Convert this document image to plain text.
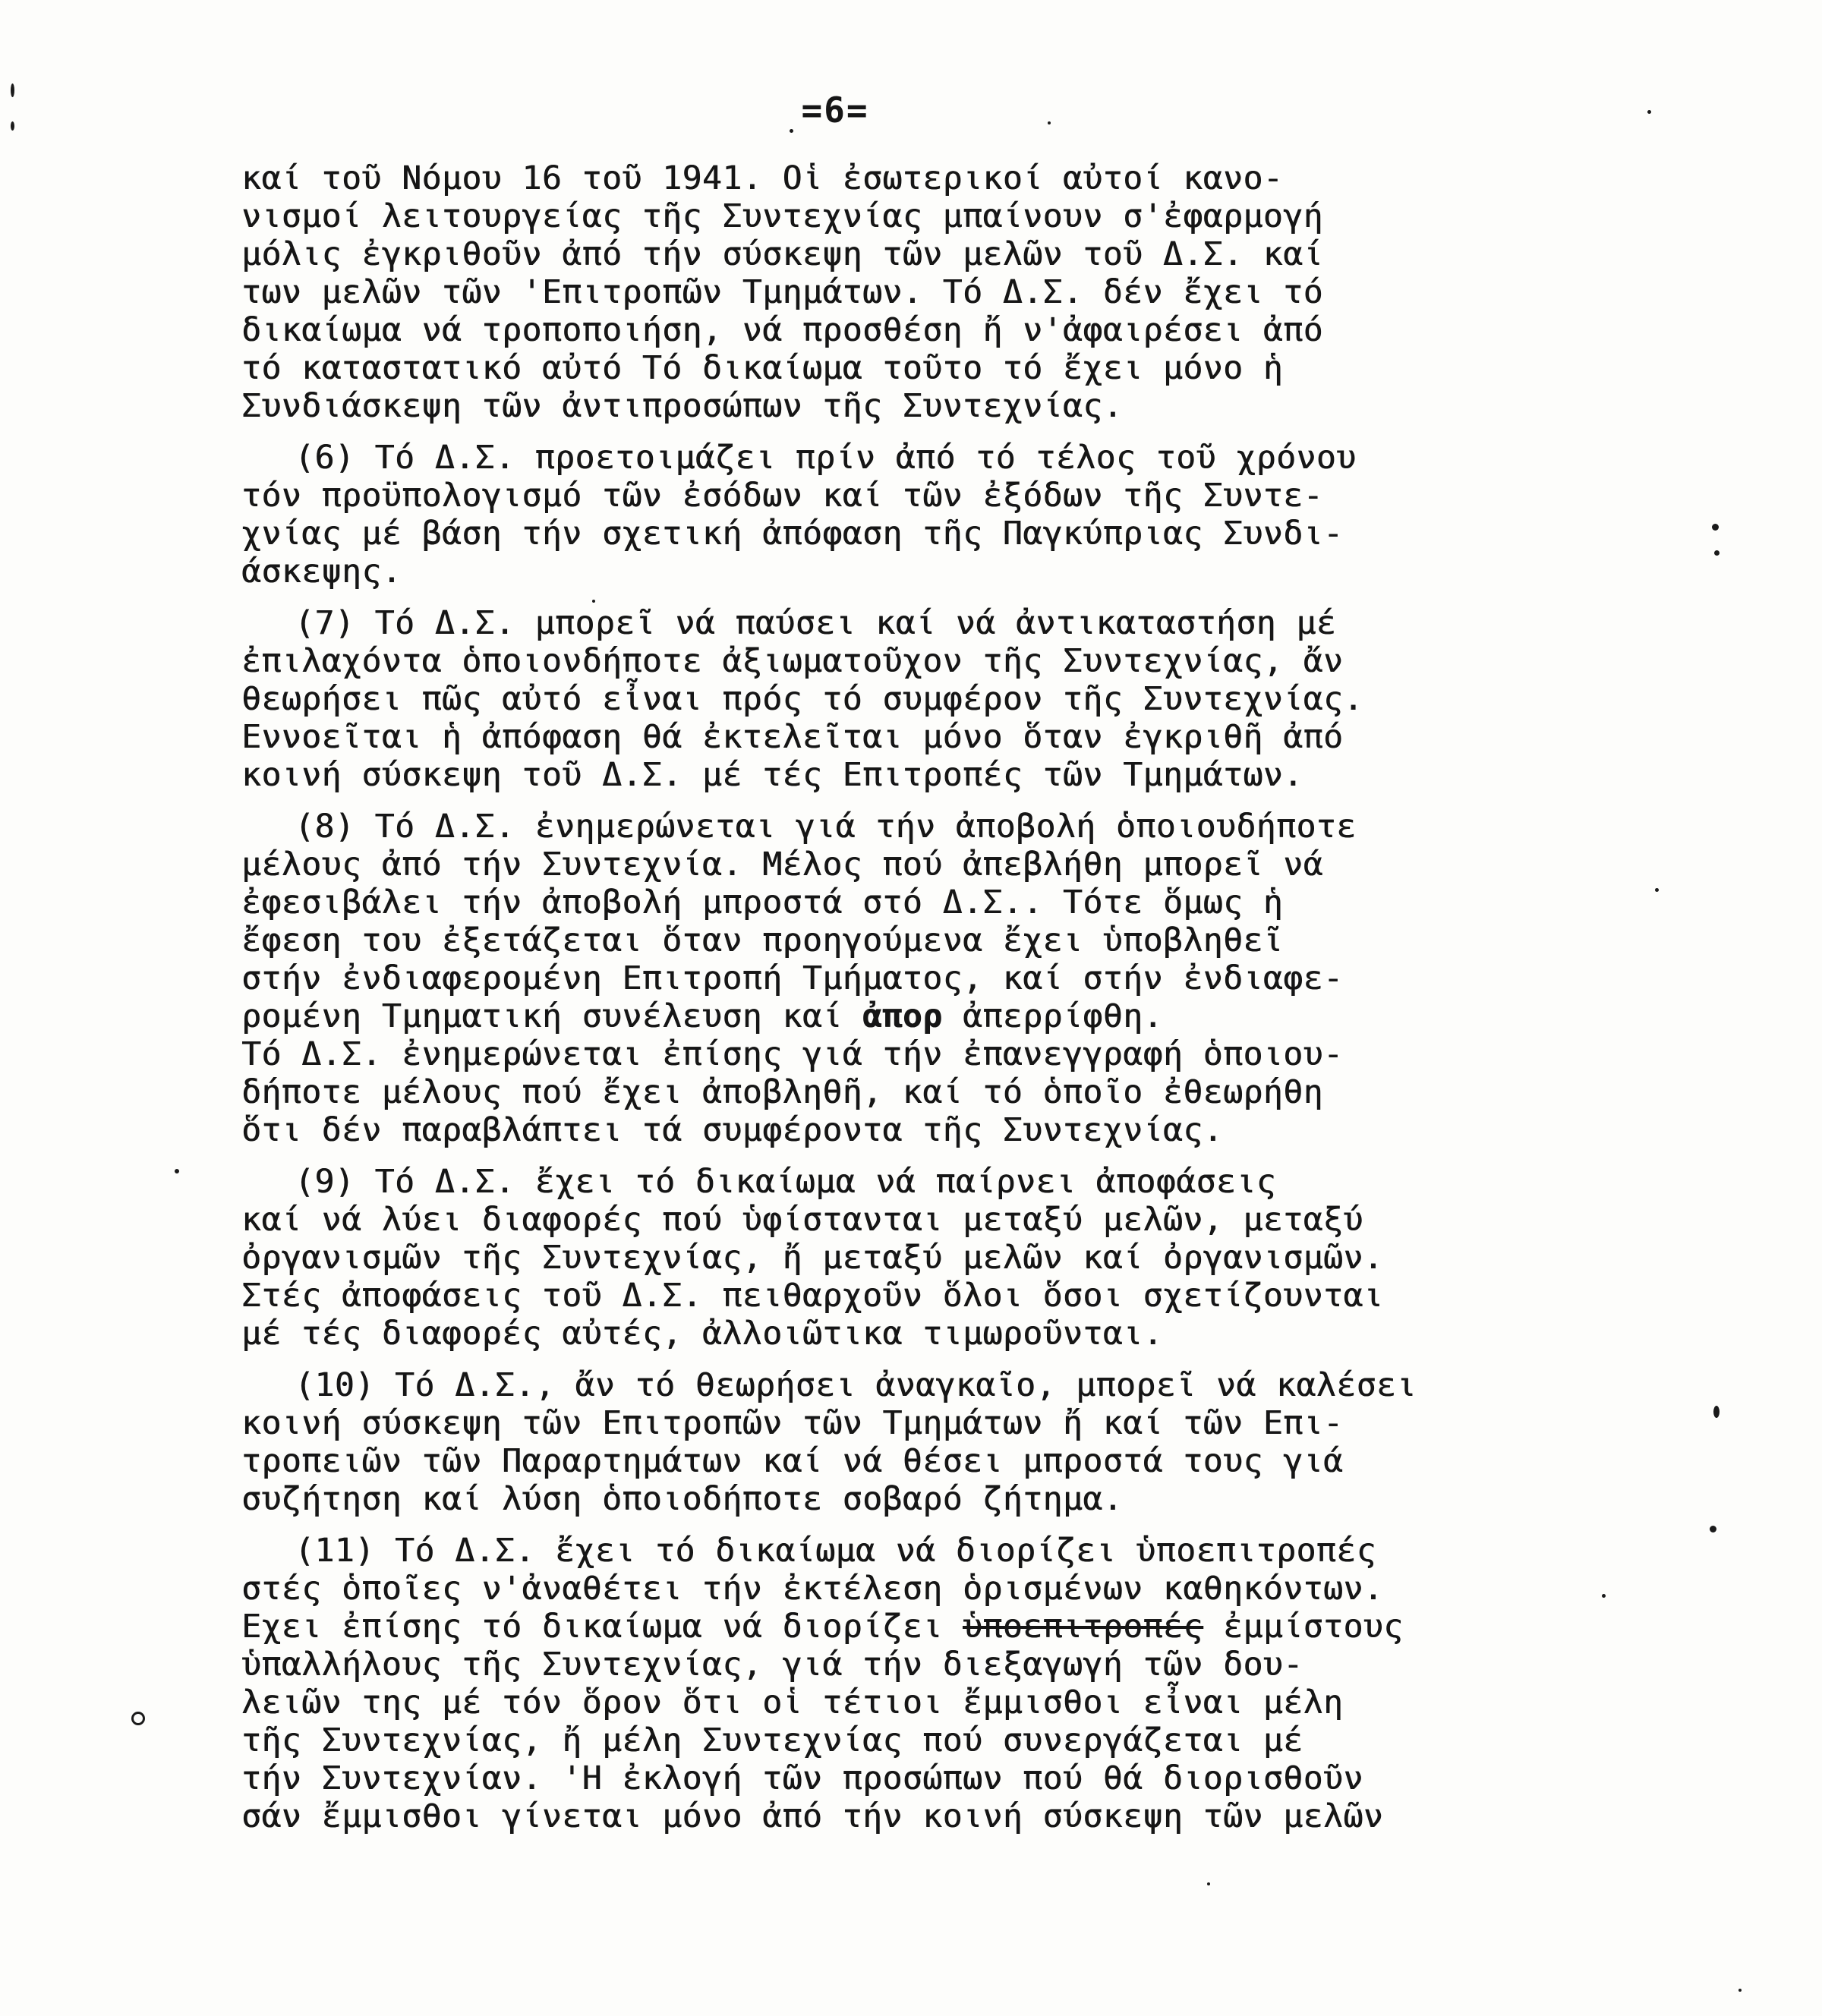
=6=
καί τοῦ Νόμου 16 τοῦ 1941. Οἱ ἐσωτερικοί αὐτοί κανο-
νισμοί λειτουργείας τῆς Συντεχνίας μπαίνουν σ'ἐφαρμογή
μόλις ἐγκριθοῦν ἀπό τήν σύσκεψη τῶν μελῶν τοῦ Δ.Σ. καί
των μελῶν τῶν 'Επιτροπῶν Τμημάτων. Τό Δ.Σ. δέν ἔχει τό
δικαίωμα νά τροποποιήση, νά προσθέση ἤ ν'ἀφαιρέσει ἀπό
τό καταστατικό αὐτό Τό δικαίωμα τοῦτο τό ἔχει μόνο ἡ
Συνδιάσκεψη τῶν ἀντιπροσώπων τῆς Συντεχνίας.
(6) Τό Δ.Σ. προετοιμάζει πρίν ἀπό τό τέλος τοῦ χρόνου
τόν προϋπολογισμό τῶν ἐσόδων καί τῶν ἐξόδων τῆς Συντε-
χνίας μέ βάση τήν σχετική ἀπόφαση τῆς Παγκύπριας Συνδι-
άσκεψης.
(7) Τό Δ.Σ. μπορεῖ νά παύσει καί νά ἀντικαταστήση μέ
ἐπιλαχόντα ὁποιονδήποτε ἀξιωματοῦχον τῆς Συντεχνίας, ἄν
θεωρήσει πῶς αὐτό εἶναι πρός τό συμφέρον τῆς Συντεχνίας.
Εννοεῖται ἡ ἀπόφαση θά ἐκτελεῖται μόνο ὅταν ἐγκριθῆ ἀπό
κοινή σύσκεψη τοῦ Δ.Σ. μέ τές Επιτροπές τῶν Τμημάτων.
(8) Τό Δ.Σ. ἐνημερώνεται γιά τήν ἀποβολή ὁποιουδήποτε
μέλους ἀπό τήν Συντεχνία. Μέλος πού ἀπεβλήθη μπορεῖ νά
ἐφεσιβάλει τήν ἀποβολή μπροστά στό Δ.Σ.. Τότε ὅμως ἡ
ἔφεση του ἐξετάζεται ὅταν προηγούμενα ἔχει ὑποβληθεῖ
στήν ἐνδιαφερομένη Επιτροπή Τμήματος, καί στήν ἐνδιαφε-
ρομένη Τμηματική συνέλευση καί ἀπορ ἀπερρίφθη.
Τό Δ.Σ. ἐνημερώνεται ἐπίσης γιά τήν ἐπανεγγραφή ὁποιου-
δήποτε μέλους πού ἔχει ἀποβληθῆ, καί τό ὁποῖο ἐθεωρήθη
ὅτι δέν παραβλάπτει τά συμφέροντα τῆς Συντεχνίας.
(9) Τό Δ.Σ. ἔχει τό δικαίωμα νά παίρνει ἀποφάσεις
καί νά λύει διαφορές πού ὑφίστανται μεταξύ μελῶν, μεταξύ
ὀργανισμῶν τῆς Συντεχνίας, ἤ μεταξύ μελῶν καί ὀργανισμῶν.
Στές ἀποφάσεις τοῦ Δ.Σ. πειθαρχοῦν ὅλοι ὅσοι σχετίζουνται
μέ τές διαφορές αὐτές, ἀλλοιῶτικα τιμωροῦνται.
(10) Τό Δ.Σ., ἄν τό θεωρήσει ἀναγκαῖο, μπορεῖ νά καλέσει
κοινή σύσκεψη τῶν Επιτροπῶν τῶν Τμημάτων ἤ καί τῶν Επι-
τροπειῶν τῶν Παραρτημάτων καί νά θέσει μπροστά τους γιά
συζήτηση καί λύση ὁποιοδήποτε σοβαρό ζήτημα.
(11) Τό Δ.Σ. ἔχει τό δικαίωμα νά διορίζει ὑποεπιτροπές
στές ὁποῖες ν'ἀναθέτει τήν ἐκτέλεση ὁρισμένων καθηκόντων.
Εχει ἐπίσης τό δικαίωμα νά διορίζει ὑποεπιτροπές ἐμμίστους
ὑπαλλήλους τῆς Συντεχνίας, γιά τήν διεξαγωγή τῶν δου-
λειῶν της μέ τόν ὅρον ὅτι οἱ τέτιοι ἔμμισθοι εἶναι μέλη
τῆς Συντεχνίας, ἤ μέλη Συντεχνίας πού συνεργάζεται μέ
τήν Συντεχνίαν. 'Η ἐκλογή τῶν προσώπων πού θά διορισθοῦν
σάν ἔμμισθοι γίνεται μόνο ἀπό τήν κοινή σύσκεψη τῶν μελῶν
